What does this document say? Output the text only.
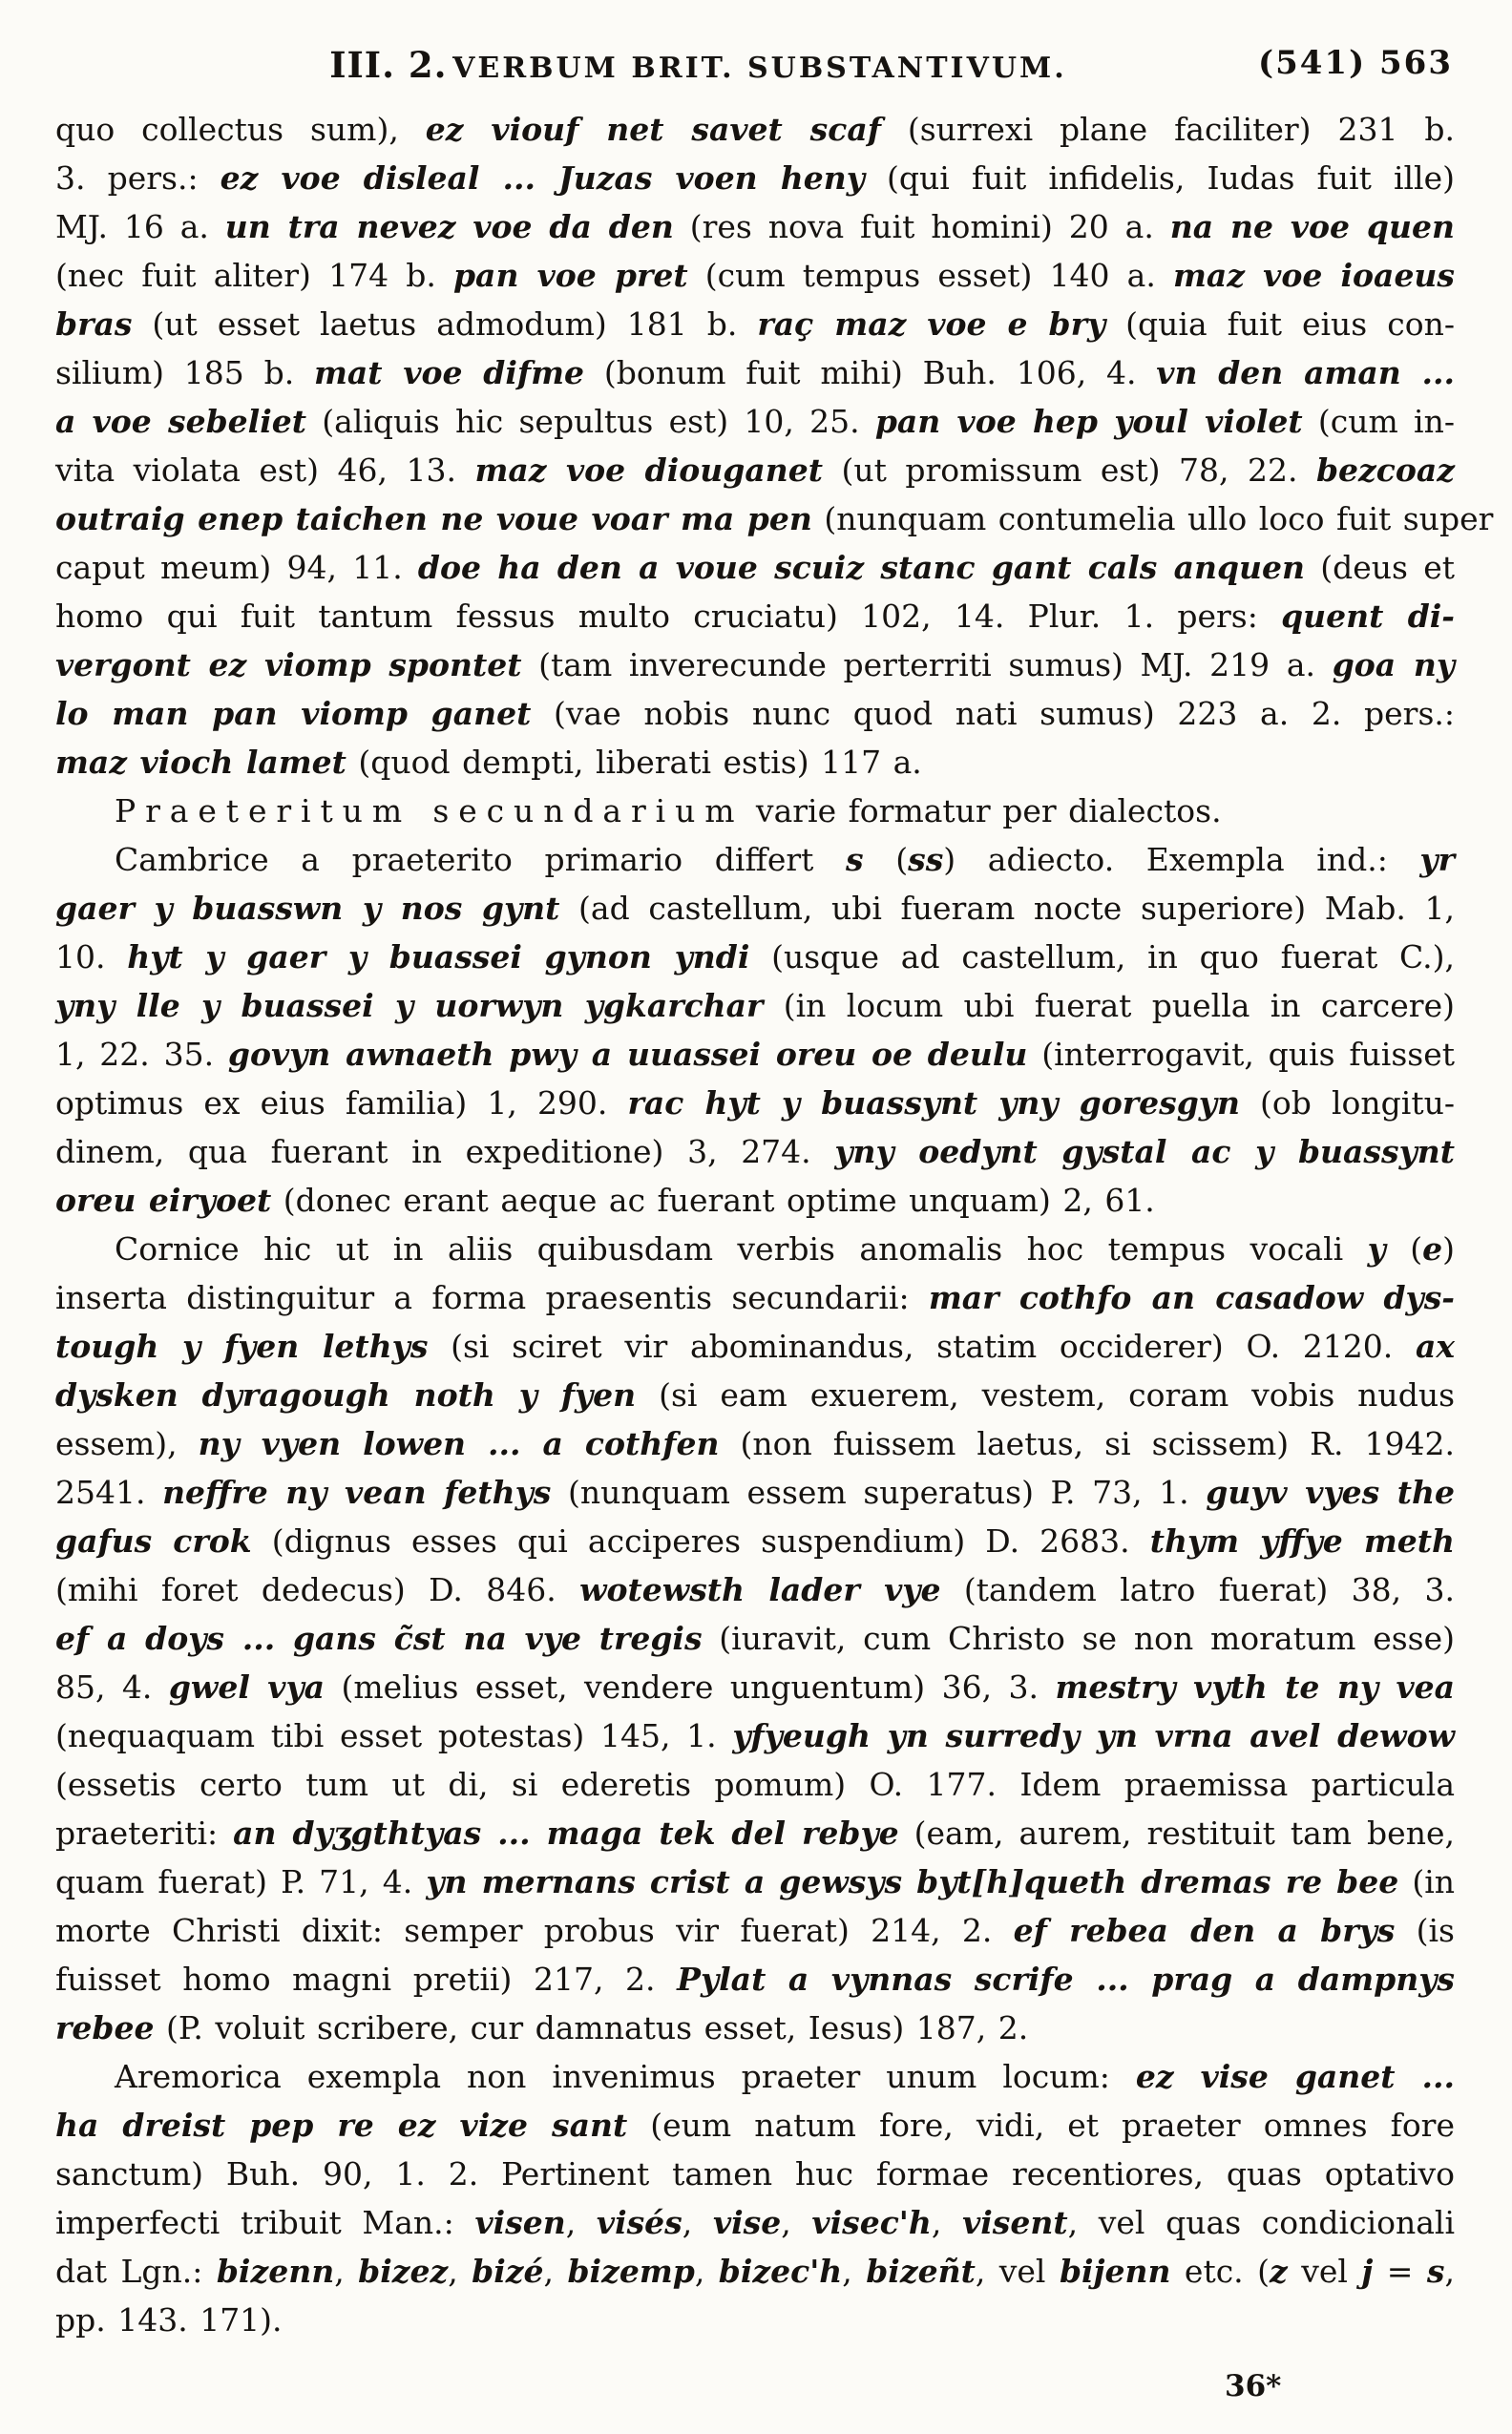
III. 2. VERBUM BRIT. SUBSTANTIVUM.	(541) 563
quo collectus sum), ez viouf net savet scaf (surrexi plane faciliter) 231 b.
3. pers.: ez voe disleal ... Juzas voen heny (qui fuit infidelis, Iudas fuit ille)
MJ. 16 a. un tra nevez voe da den (res nova fuit homini) 20 a. na ne voe quen
(nec fuit aliter) 174 b. pan voe pret (cum tempus esset) 140 a. maz voe ioaeus
bras (ut esset laetus admodum) 181 b. raç maz voe e bry (quia fuit eius con-
silium) 185 b. mat voe difme (bonum fuit mihi) Buh. 106, 4. vn den aman ...
a voe sebeliet (aliquis hic sepultus est) 10, 25. pan voe hep youl violet (cum in-
vita violata est) 46, 13. maz voe diouganet (ut promissum est) 78, 22. bezcoaz
outraig enep taichen ne voue voar ma pen (nunquam contumelia ullo loco fuit super
caput meum) 94, 11. doe ha den a voue scuiz stanc gant cals anquen (deus et
homo qui fuit tantum fessus multo cruciatu) 102, 14. Plur. 1. pers: quent di-
vergont ez viomp spontet (tam inverecunde perterriti sumus) MJ. 219 a. goa ny
lo man pan viomp ganet (vae nobis nunc quod nati sumus) 223 a. 2. pers.:
maz vioch lamet (quod dempti, liberati estis) 117 a.
Praeteritum secundarium varie formatur per dialectos.
Cambrice a praeterito primario differt s (ss) adiecto. Exempla ind.: yr
gaer y buasswn y nos gynt (ad castellum, ubi fueram nocte superiore) Mab. 1,
10. hyt y gaer y buassei gynon yndi (usque ad castellum, in quo fuerat C.),
yny lle y buassei y uorwyn ygkarchar (in locum ubi fuerat puella in carcere)
1, 22. 35. govyn awnaeth pwy a uuassei oreu oe deulu (interrogavit, quis fuisset
optimus ex eius familia) 1, 290. rac hyt y buassynt yny goresgyn (ob longitu-
dinem, qua fuerant in expeditione) 3, 274. yny oedynt gystal ac y buassynt
oreu eiryoet (donec erant aeque ac fuerant optime unquam) 2, 61.
Cornice hic ut in aliis quibusdam verbis anomalis hoc tempus vocali y (e)
inserta distinguitur a forma praesentis secundarii: mar cothfo an casadow dys-
tough y fyen lethys (si sciret vir abominandus, statim occiderer) O. 2120. ax
dysken dyragough noth y fyen (si eam exuerem, vestem, coram vobis nudus
essem), ny vyen lowen ... a cothfen (non fuissem laetus, si scissem) R. 1942.
2541. neffre ny vean fethys (nunquam essem superatus) P. 73, 1. guyv vyes the
gafus crok (dignus esses qui acciperes suspendium) D. 2683. thym yffye meth
(mihi foret dedecus) D. 846. wotewsth lader vye (tandem latro fuerat) 38, 3.
ef a doys ... gans c̃st na vye tregis (iuravit, cum Christo se non moratum esse)
85, 4. gwel vya (melius esset, vendere unguentum) 36, 3. mestry vyth te ny vea
(nequaquam tibi esset potestas) 145, 1. yfyeugh yn surredy yn vrna avel dewow
(essetis certo tum ut di, si ederetis pomum) O. 177. Idem praemissa particula
praeteriti: an dyʒgthtyas ... maga tek del rebye (eam, aurem, restituit tam bene,
quam fuerat) P. 71, 4. yn mernans crist a gewsys byt[h]queth dremas re bee (in
morte Christi dixit: semper probus vir fuerat) 214, 2. ef rebea den a brys (is
fuisset homo magni pretii) 217, 2. Pylat a vynnas scrife ... prag a dampnys
rebee (P. voluit scribere, cur damnatus esset, Iesus) 187, 2.
Aremorica exempla non invenimus praeter unum locum: ez vise ganet ...
ha dreist pep re ez vize sant (eum natum fore, vidi, et praeter omnes fore
sanctum) Buh. 90, 1. 2. Pertinent tamen huc formae recentiores, quas optativo
imperfecti tribuit Man.: visen, visés, vise, visec'h, visent, vel quas condicionali
dat Lgn.: bizenn, bizez, bizé, bizemp, bizec'h, bizeñt, vel bijenn etc. (z vel j = s,
pp. 143. 171).
36*
